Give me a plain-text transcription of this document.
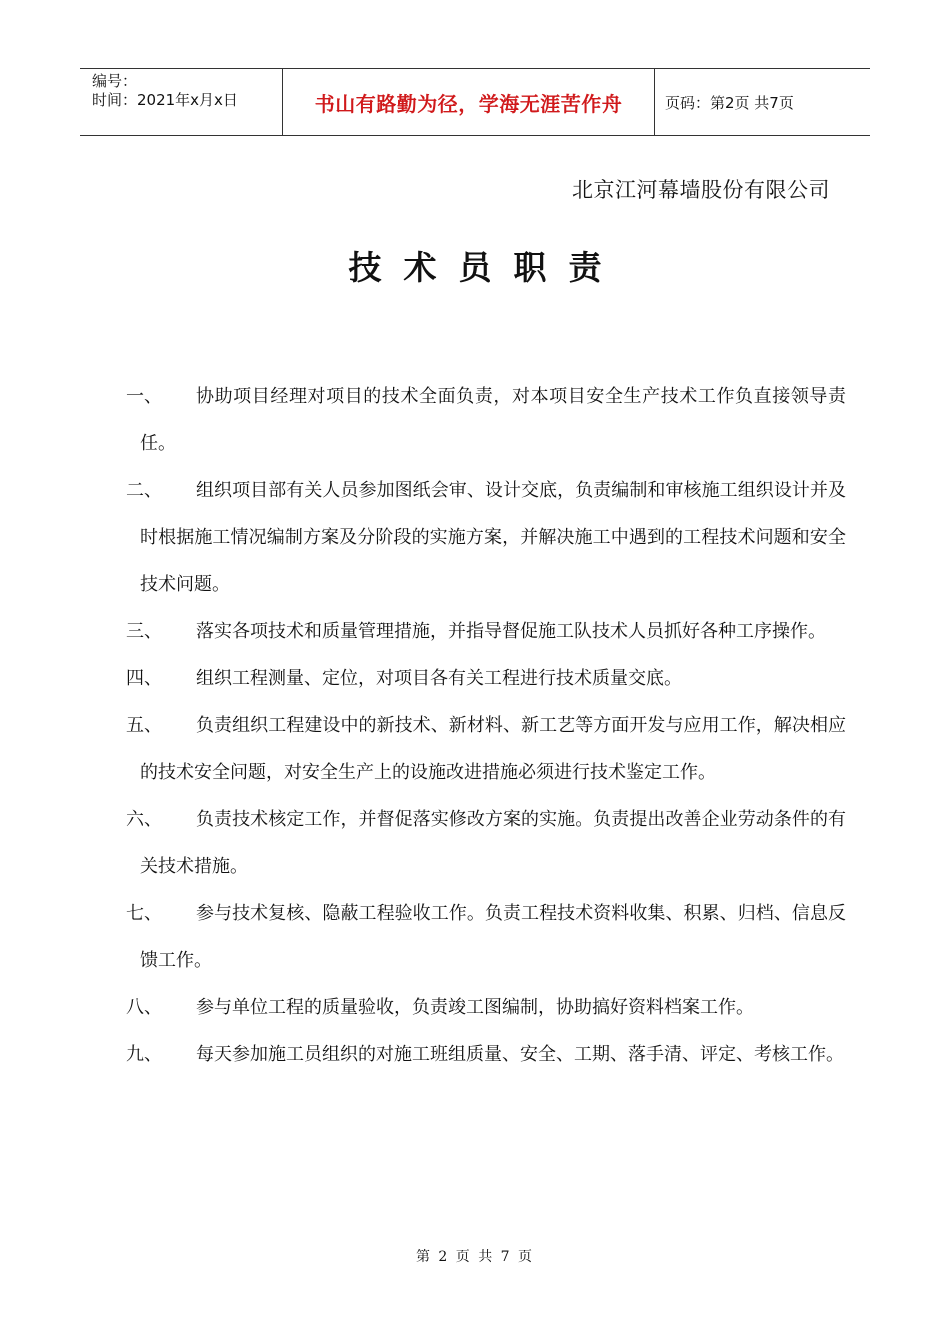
编号：
时间：2021年x月x日	书山有路勤为径，学海无涯苦作舟	页码：第2页 共7页
北京江河幕墙股份有限公司
技术员职责
一、	协助项目经理对项目的技术全面负责，对本项目安全生产技术工作负直接领导责任。
二、	组织项目部有关人员参加图纸会审、设计交底，负责编制和审核施工组织设计并及时根据施工情况编制方案及分阶段的实施方案，并解决施工中遇到的工程技术问题和安全技术问题。
三、	落实各项技术和质量管理措施，并指导督促施工队技术人员抓好各种工序操作。
四、	组织工程测量、定位，对项目各有关工程进行技术质量交底。
五、	负责组织工程建设中的新技术、新材料、新工艺等方面开发与应用工作，解决相应的技术安全问题，对安全生产上的设施改进措施必须进行技术鉴定工作。
六、	负责技术核定工作，并督促落实修改方案的实施。负责提出改善企业劳动条件的有关技术措施。
七、	参与技术复核、隐蔽工程验收工作。负责工程技术资料收集、积累、归档、信息反馈工作。
八、	参与单位工程的质量验收，负责竣工图编制，协助搞好资料档案工作。
九、	每天参加施工员组织的对施工班组质量、安全、工期、落手清、评定、考核工作。
第 2 页 共 7 页
